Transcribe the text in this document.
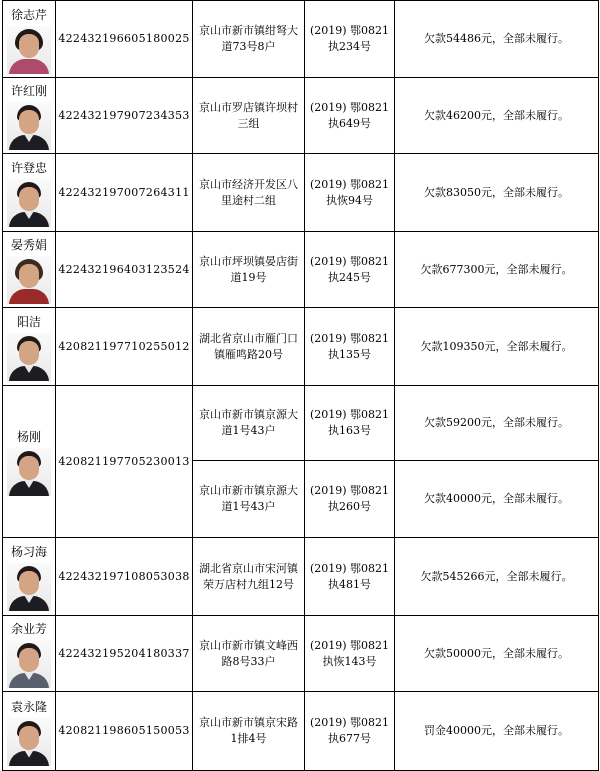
徐志芹	422432196605180025	京山市新市镇绀弩大道73号8户	(2019) 鄂0821 执234号	欠款54486元，全部未履行。

许红刚	422432197907234353	京山市罗店镇许坝村三组	(2019) 鄂0821 执649号	欠款46200元，全部未履行。

许登忠	422432197007264311	京山市经济开发区八里途村二组	(2019) 鄂0821 执恢94号	欠款83050元，全部未履行。

晏秀娟	422432196403123524	京山市坪坝镇晏店街道19号	(2019) 鄂0821 执245号	欠款677300元，全部未履行。

阳洁	420821197710255012	湖北省京山市雁门口镇雁鸣路20号	(2019) 鄂0821 执135号	欠款109350元，全部未履行。

杨刚	420821197705230013	京山市新市镇京源大道1号43户	(2019) 鄂0821 执163号	欠款59200元，全部未履行。
		京山市新市镇京源大道1号43户	(2019) 鄂0821 执260号	欠款40000元，全部未履行。

杨习海	422432197108053038	湖北省京山市宋河镇荣万店村九组12号	(2019) 鄂0821 执481号	欠款545266元，全部未履行。

余业芳	422432195204180337	京山市新市镇文峰西路8号33户	(2019) 鄂0821 执恢143号	欠款50000元，全部未履行。

袁永隆	420821198605150053	京山市新市镇京宋路1排4号	(2019) 鄂0821 执677号	罚金40000元，全部未履行。
